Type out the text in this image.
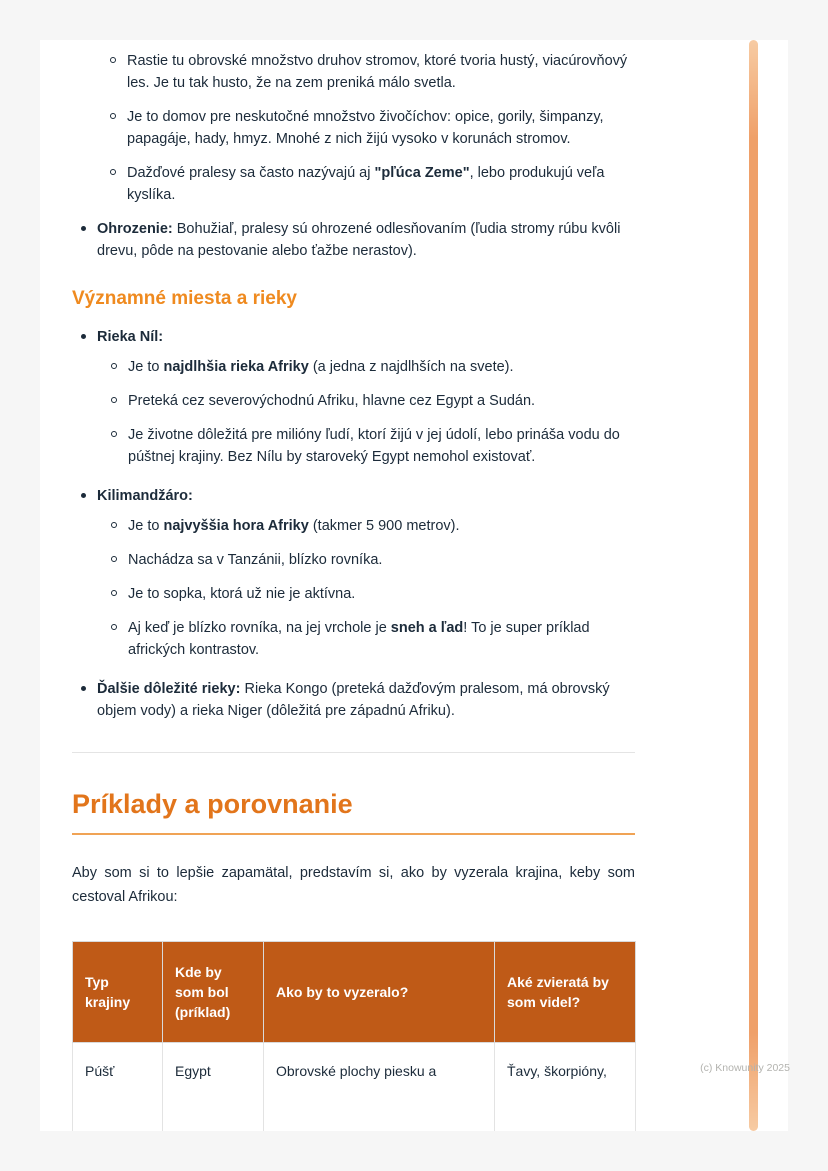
Rastie tu obrovské množstvo druhov stromov, ktoré tvoria hustý, viacúrovňový les. Je tu tak husto, že na zem preniká málo svetla.
Je to domov pre neskutočné množstvo živočíchov: opice, gorily, šimpanzy, papagáje, hady, hmyz. Mnohé z nich žijú vysoko v korunách stromov.
Dažďové pralesy sa často nazývajú aj "pľúca Zeme", lebo produkujú veľa kyslíka.
Ohrozenie: Bohužiaľ, pralesy sú ohrozené odlesňovaním (ľudia stromy rúbu kvôli drevu, pôde na pestovanie alebo ťažbe nerastov).
Významné miesta a rieky
Rieka Níl:
Je to najdlhšia rieka Afriky (a jedna z najdlhších na svete).
Preteká cez severovýchodnú Afriku, hlavne cez Egypt a Sudán.
Je životne dôležitá pre milióny ľudí, ktorí žijú v jej údolí, lebo prináša vodu do púštnej krajiny. Bez Nílu by staroveký Egypt nemohol existovať.
Kilimandžáro:
Je to najvyššia hora Afriky (takmer 5 900 metrov).
Nachádza sa v Tanzánii, blízko rovníka.
Je to sopka, ktorá už nie je aktívna.
Aj keď je blízko rovníka, na jej vrchole je sneh a ľad! To je super príklad afrických kontrastov.
Ďalšie dôležité rieky: Rieka Kongo (preteká dažďovým pralesom, má obrovský objem vody) a rieka Niger (dôležitá pre západnú Afriku).
Príklady a porovnanie

Aby som si to lepšie zapamätal, predstavím si, ako by vyzerala krajina, keby som cestoval Afrikou:

Typ krajiny	Kde by som bol (príklad)	Ako by to vyzeralo?	Aké zvieratá by som videl?
Púšť	Egypt	Obrovské plochy piesku a	Ťavy, škorpióny,	(c) Knowunity 2025
